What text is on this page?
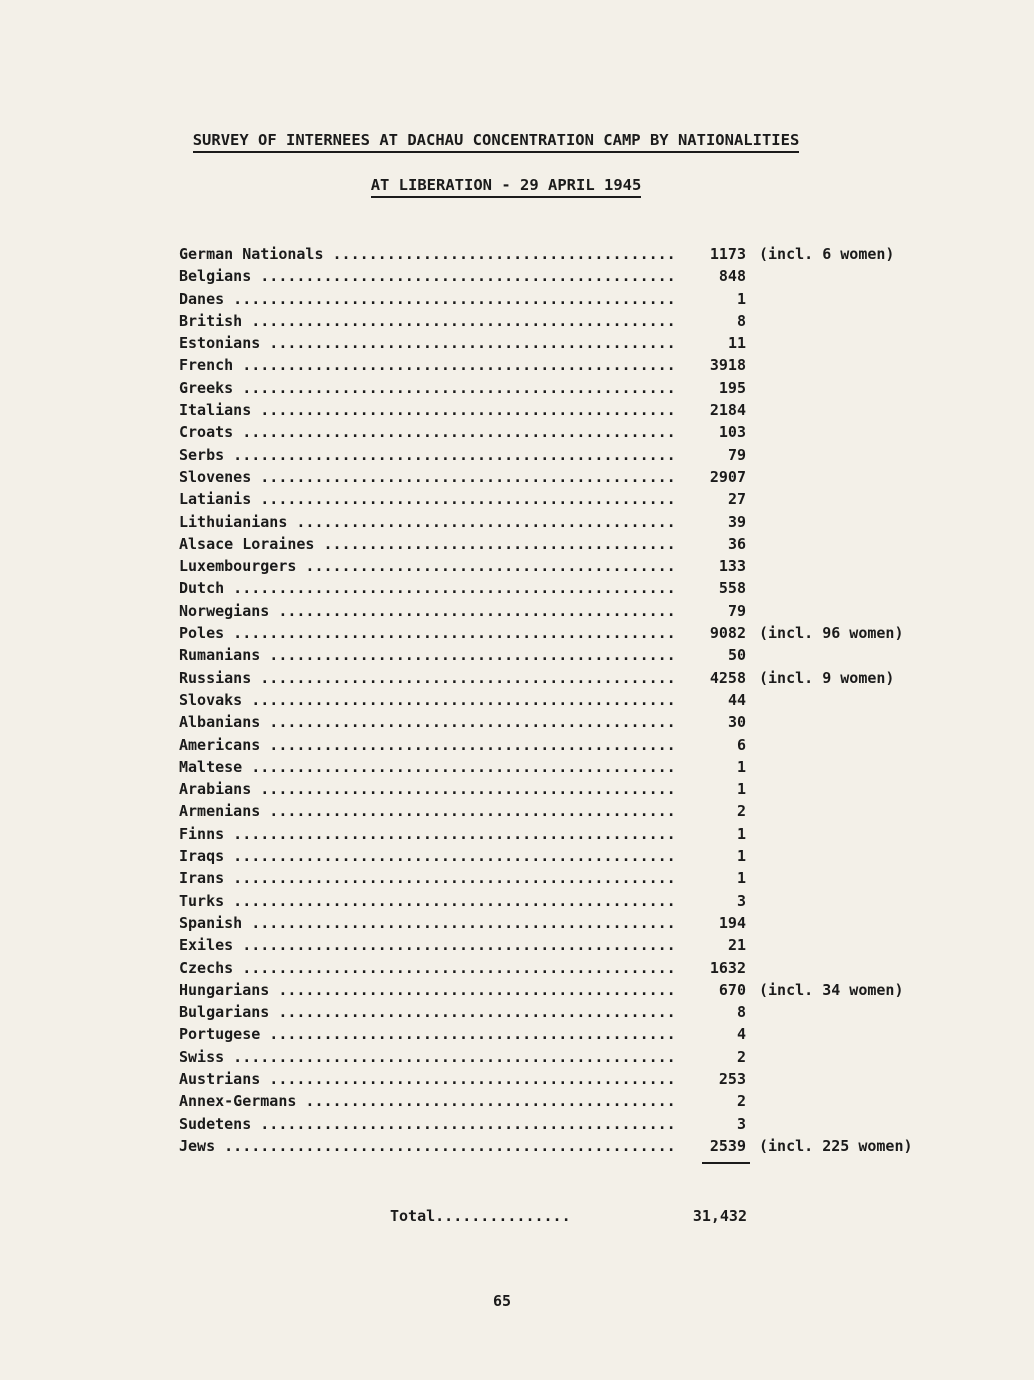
SURVEY OF INTERNEES AT DACHAU CONCENTRATION CAMP BY NATIONALITIES
AT LIBERATION - 29 APRIL 1945
German Nationals .....	1173 (incl. 6 women)
Belgians .....	848
Danes .....	1
British .....	8
Estonians .....	11
French .....	3918
Greeks .....	195
Italians .....	2184
Croats .....	103
Serbs .....	79
Slovenes .....	2907
Latianis .....	27
Lithuianians .....	39
Alsace Loraines .....	36
Luxembourgers .....	133
Dutch .....	558
Norwegians .....	79
Poles .....	9082 (incl. 96 women)
Rumanians .....	50
Russians .....	4258 (incl. 9 women)
Slovaks .....	44
Albanians .....	30
Americans .....	6
Maltese .....	1
Arabians .....	1
Armenians .....	2
Finns .....	1
Iraqs .....	1
Irans .....	1
Turks .....	3
Spanish .....	194
Exiles .....	21
Czechs .....	1632
Hungarians .....	670 (incl. 34 women)
Bulgarians .....	8
Portugese .....	4
Swiss .....	2
Austrians .....	253
Annex-Germans .....	2
Sudetens .....	3
Jews .....	2539 (incl. 225 women)
Total .....	31,432
65
